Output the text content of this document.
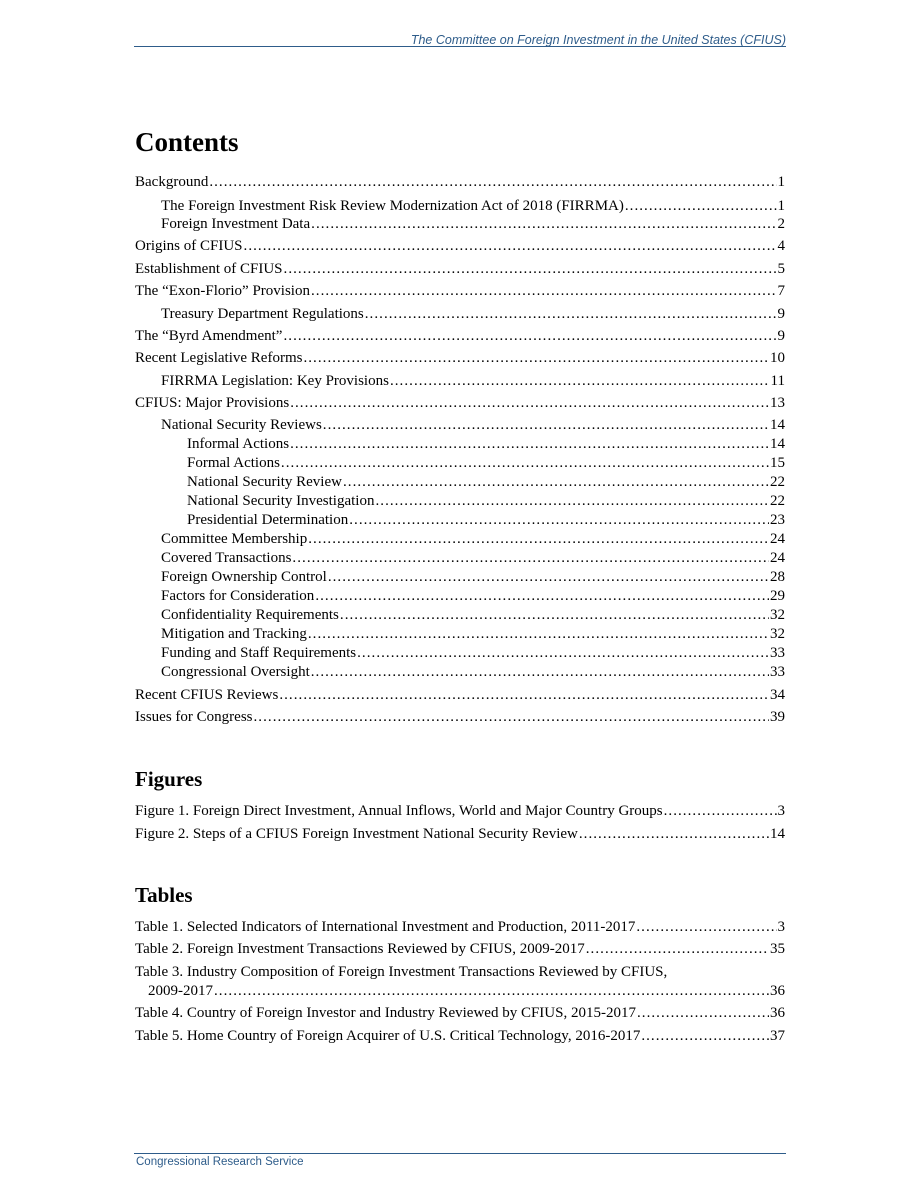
The Committee on Foreign Investment in the United States (CFIUS)
Contents
Background . . .	1
The Foreign Investment Risk Review Modernization Act of 2018 (FIRRMA) . . .	1
Foreign Investment Data . . .	2
Origins of CFIUS . . .	4
Establishment of CFIUS . . .	5
The “Exon-Florio” Provision . . .	7
Treasury Department Regulations . . .	9
The “Byrd Amendment” . . .	9
Recent Legislative Reforms . . .	10
FIRRMA Legislation: Key Provisions . . .	11
CFIUS: Major Provisions . . .	13
National Security Reviews . . .	14
Informal Actions . . .	14
Formal Actions . . .	15
National Security Review . . .	22
National Security Investigation . . .	22
Presidential Determination . . .	23
Committee Membership . . .	24
Covered Transactions . . .	24
Foreign Ownership Control . . .	28
Factors for Consideration . . .	29
Confidentiality Requirements . . .	32
Mitigation and Tracking . . .	32
Funding and Staff Requirements . . .	33
Congressional Oversight . . .	33
Recent CFIUS Reviews . . .	34
Issues for Congress . . .	39
Figures
Figure 1. Foreign Direct Investment, Annual Inflows, World and Major Country Groups . . .	3
Figure 2. Steps of a CFIUS Foreign Investment National Security Review . . .	14
Tables
Table 1. Selected Indicators of International Investment and Production, 2011-2017 . . .	3
Table 2. Foreign Investment Transactions Reviewed by CFIUS, 2009-2017 . . .	35
Table 3. Industry Composition of Foreign Investment Transactions Reviewed by CFIUS,
2009-2017 . . .	36
Table 4. Country of Foreign Investor and Industry Reviewed by CFIUS, 2015-2017 . . .	36
Table 5. Home Country of Foreign Acquirer of U.S. Critical Technology, 2016-2017 . . .	37
Congressional Research Service
